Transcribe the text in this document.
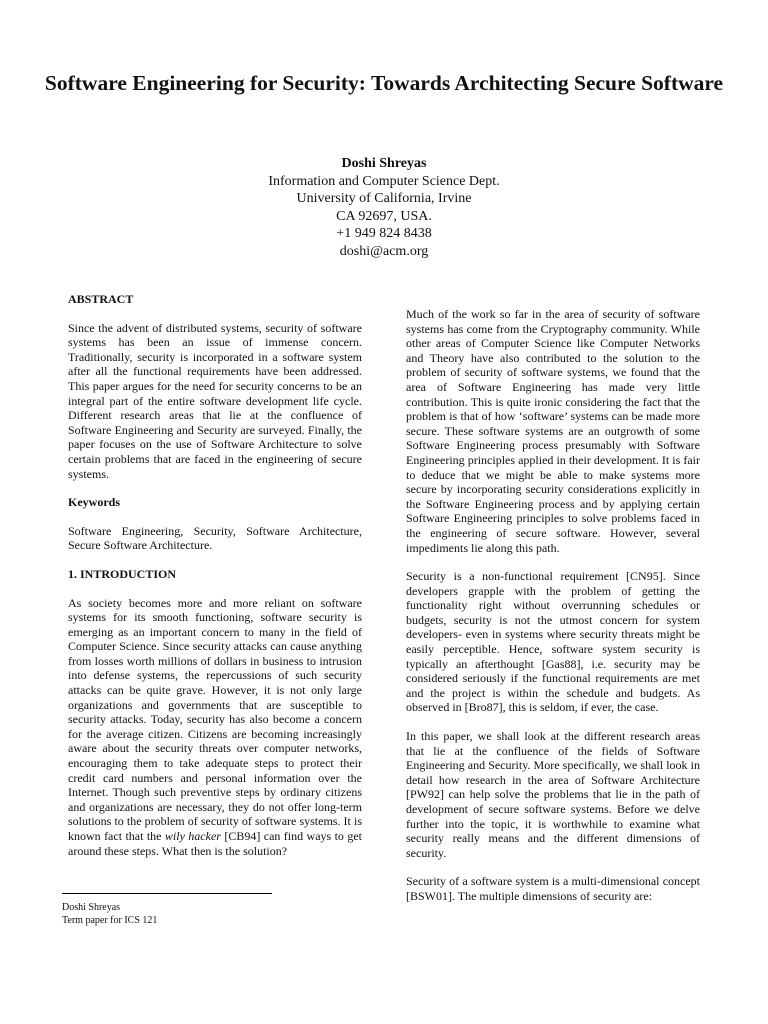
Software Engineering for Security: Towards Architecting Secure Software
Doshi Shreyas
Information and Computer Science Dept.
University of California, Irvine
CA 92697, USA.
+1 949 824 8438
doshi@acm.org
ABSTRACT

Since the advent of distributed systems, security of software systems has been an issue of immense concern. Traditionally, security is incorporated in a software system after all the functional requirements have been addressed. This paper argues for the need for security concerns to be an integral part of the entire software development life cycle. Different research areas that lie at the confluence of Software Engineering and Security are surveyed. Finally, the paper focuses on the use of Software Architecture to solve certain problems that are faced in the engineering of secure systems.

Keywords

Software Engineering, Security, Software Architecture, Secure Software Architecture.

1. INTRODUCTION

As society becomes more and more reliant on software systems for its smooth functioning, software security is emerging as an important concern to many in the field of Computer Science. Since security attacks can cause anything from losses worth millions of dollars in business to intrusion into defense systems, the repercussions of such security attacks can be quite grave. However, it is not only large organizations and governments that are susceptible to security attacks. Today, security has also become a concern for the average citizen. Citizens are becoming increasingly aware about the security threats over computer networks, encouraging them to take adequate steps to protect their credit card numbers and personal information over the Internet. Though such preventive steps by ordinary citizens and organizations are necessary, they do not offer long-term solutions to the problem of security of software systems. It is known fact that the wily hacker [CB94] can find ways to get around these steps. What then is the solution?

Much of the work so far in the area of security of software systems has come from the Cryptography community. While other areas of Computer Science like Computer Networks and Theory have also contributed to the solution to the problem of security of software systems, we found that the area of Software Engineering has made very little contribution. This is quite ironic considering the fact that the problem is that of how ‘software’ systems can be made more secure. These software systems are an outgrowth of some Software Engineering process presumably with Software Engineering principles applied in their development. It is fair to deduce that we might be able to make systems more secure by incorporating security considerations explicitly in the Software Engineering process and by applying certain Software Engineering principles to solve problems faced in the engineering of secure software. However, several impediments lie along this path.

Security is a non-functional requirement [CN95]. Since developers grapple with the problem of getting the functionality right without overrunning schedules or budgets, security is not the utmost concern for system developers- even in systems where security threats might be easily perceptible. Hence, software system security is typically an afterthought [Gas88], i.e. security may be considered seriously if the functional requirements are met and the project is within the schedule and budgets. As observed in [Bro87], this is seldom, if ever, the case.

In this paper, we shall look at the different research areas that lie at the confluence of the fields of Software Engineering and Security. More specifically, we shall look in detail how research in the area of Software Architecture [PW92] can help solve the problems that lie in the path of development of secure software systems. Before we delve further into the topic, it is worthwhile to examine what security really means and the different dimensions of security.

Security of a software system is a multi-dimensional concept [BSW01]. The multiple dimensions of security are:

Doshi Shreyas
Term paper for ICS 121
